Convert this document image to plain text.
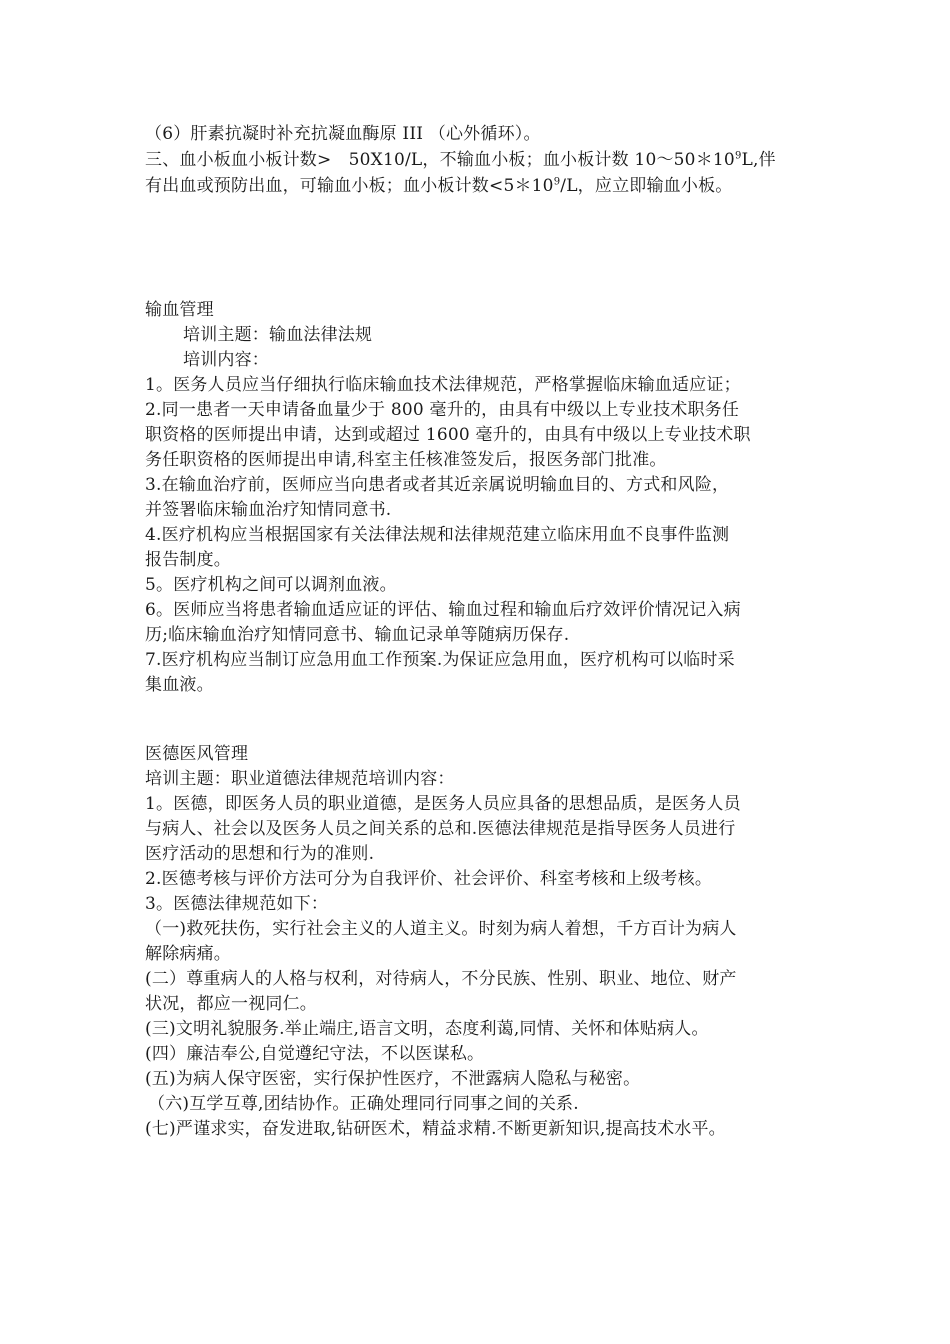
（6）肝素抗凝时补充抗凝血酶原 III （心外循环）。
三、血小板血小板计数>　50X10/L，不输血小板；血小板计数 $10\sim 50*10^9L$,伴
有出血或预防出血，可输血小板；血小板计数$<5*10^9/L$，应立即输血小板。
输血管理
培训主题：输血法律法规
培训内容：
1。医务人员应当仔细执行临床输血技术法律规范，严格掌握临床输血适应证；
2.同一患者一天申请备血量少于 800 毫升的，由具有中级以上专业技术职务任
职资格的医师提出申请，达到或超过 1600 毫升的，由具有中级以上专业技术职
务任职资格的医师提出申请,科室主任核准签发后，报医务部门批准。
3.在输血治疗前，医师应当向患者或者其近亲属说明输血目的、方式和风险，
并签署临床输血治疗知情同意书.
4.医疗机构应当根据国家有关法律法规和法律规范建立临床用血不良事件监测
报告制度。
5。医疗机构之间可以调剂血液。
6。医师应当将患者输血适应证的评估、输血过程和输血后疗效评价情况记入病
历;临床输血治疗知情同意书、输血记录单等随病历保存.
7.医疗机构应当制订应急用血工作预案.为保证应急用血，医疗机构可以临时采
集血液。
医德医风管理
培训主题：职业道德法律规范培训内容：
1。医德，即医务人员的职业道德，是医务人员应具备的思想品质，是医务人员
与病人、社会以及医务人员之间关系的总和.医德法律规范是指导医务人员进行
医疗活动的思想和行为的准则.
2.医德考核与评价方法可分为自我评价、社会评价、科室考核和上级考核。
3。医德法律规范如下：
（一)救死扶伤，实行社会主义的人道主义。时刻为病人着想，千方百计为病人
解除病痛。
(二）尊重病人的人格与权利，对待病人，不分民族、性别、职业、地位、财产
状况，都应一视同仁。
(三)文明礼貌服务.举止端庄,语言文明，态度利蔼,同情、关怀和体贴病人。
(四）廉洁奉公,自觉遵纪守法，不以医谋私。
(五)为病人保守医密，实行保护性医疗，不泄露病人隐私与秘密。
（六)互学互尊,团结协作。正确处理同行同事之间的关系.
(七)严谨求实，奋发进取,钻研医术，精益求精.不断更新知识,提高技术水平。
